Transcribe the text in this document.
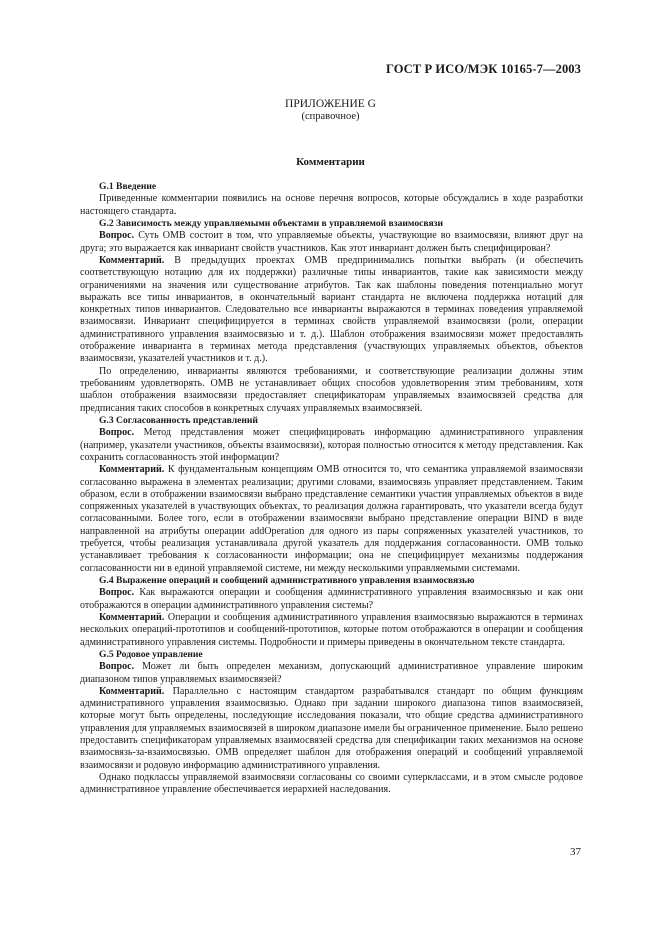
ГОСТ Р ИСО/МЭК 10165-7—2003
ПРИЛОЖЕНИЕ G
(справочное)
Комментарии
G.1 Введение

Приведенные комментарии появились на основе перечня вопросов, которые обсуждались в ходе разработки настоящего стандарта.

G.2 Зависимость между управляемыми объектами в управляемой взаимосвязи

Вопрос. Суть OMB состоит в том, что управляемые объекты, участвующие во взаимосвязи, влияют друг на друга; это выражается как инвариант свойств участников. Как этот инвариант должен быть специфицирован?

Комментарий. В предыдущих проектах OMB предпринимались попытки выбрать (и обеспечить соответствующую нотацию для их поддержки) различные типы инвариантов, такие как зависимости между ограничениями на значения или существование атрибутов. Так как шаблоны поведения потенциально могут выражать все типы инвариантов, в окончательный вариант стандарта не включена поддержка нотаций для конкретных типов инвариантов. Следовательно все инварианты выражаются в терминах поведения управляемой взаимосвязи. Инвариант специфицируется в терминах свойств управляемой взаимосвязи (роли, операции административного управления взаимосвязью и т. д.). Шаблон отображения взаимосвязи может предоставлять отображение инварианта в терминах метода представления (участвующих управляемых объектов, объектов взаимосвязи, указателей участников и т. д.).

По определению, инварианты являются требованиями, и соответствующие реализации должны этим требованиям удовлетворять. OMB не устанавливает общих способов удовлетворения этим требованиям, хотя шаблон отображения взаимосвязи предоставляет спецификаторам управляемых взаимосвязей средства для предписания таких способов в конкретных случаях управляемых взаимосвязей.

G.3 Согласованность представлений

Вопрос. Метод представления может специфицировать информацию административного управления (например, указатели участников, объекты взаимосвязи), которая полностью относится к методу представления. Как сохранить согласованность этой информации?

Комментарий. К фундаментальным концепциям OMB относится то, что семантика управляемой взаимосвязи согласованно выражена в элементах реализации; другими словами, взаимосвязь управляет представлением. Таким образом, если в отображении взаимосвязи выбрано представление семантики участия управляемых объектов в виде сопряженных указателей в участвующих объектах, то реализация должна гарантировать, что указатели всегда будут согласованными. Более того, если в отображении взаимосвязи выбрано представление операции BIND в виде направленной на атрибуты операции addOperation для одного из пары сопряженных указателей участников, то требуется, чтобы реализация устанавливала другой указатель для поддержания согласованности. OMB только устанавливает требования к согласованности информации; она не специфицирует механизмы поддержания согласованности ни в единой управляемой системе, ни между несколькими управляемыми системами.

G.4 Выражение операций и сообщений административного управления взаимосвязью

Вопрос. Как выражаются операции и сообщения административного управления взаимосвязью и как они отображаются в операции административного управления системы?

Комментарий. Операции и сообщения административного управления взаимосвязью выражаются в терминах нескольких операций-прототипов и сообщений-прототипов, которые потом отображаются в операции и сообщения административного управления системы. Подробности и примеры приведены в окончательном тексте стандарта.

G.5 Родовое управление

Вопрос. Может ли быть определен механизм, допускающий административное управление широким диапазоном типов управляемых взаимосвязей?

Комментарий. Параллельно с настоящим стандартом разрабатывался стандарт по общим функциям административного управления взаимосвязью. Однако при задании широкого диапазона типов взаимосвязей, которые могут быть определены, последующие исследования показали, что общие средства административного управления для управляемых взаимосвязей в широком диапазоне имели бы ограниченное применение. Было решено предоставить спецификаторам управляемых взаимосвязей средства для спецификации таких механизмов на основе взаимосвязь-за-взаимосвязью. OMB определяет шаблон для отображения операций и сообщений управляемой взаимосвязи и родовую информацию административного управления.

Однако подклассы управляемой взаимосвязи согласованы со своими суперклассами, и в этом смысле родовое административное управление обеспечивается иерархией наследования.

37
